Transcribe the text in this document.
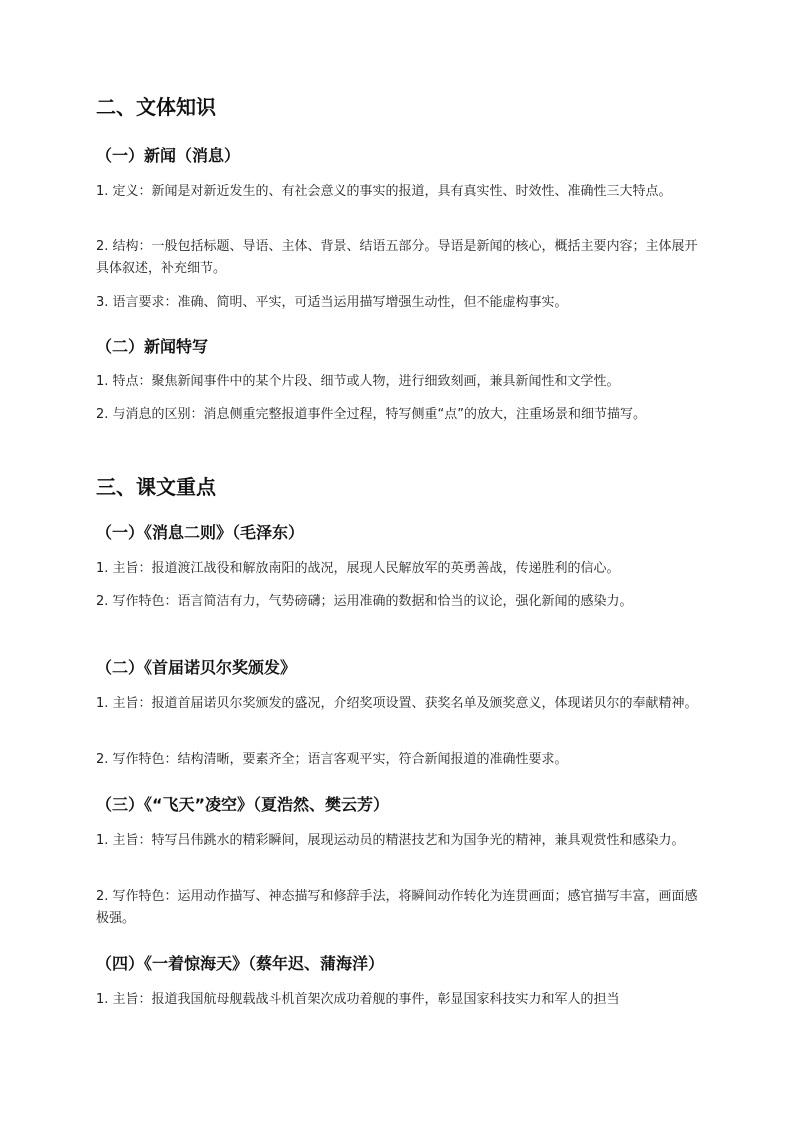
二、文体知识
（一）新闻（消息）

1. 定义：新闻是对新近发生的、有社会意义的事实的报道，具有真实性、时效性、准确性三大特点。

2. 结构：一般包括标题、导语、主体、背景、结语五部分。导语是新闻的核心，概括主要内容；主体展开具体叙述，补充细节。

3. 语言要求：准确、简明、平实，可适当运用描写增强生动性，但不能虚构事实。

（二）新闻特写

1. 特点：聚焦新闻事件中的某个片段、细节或人物，进行细致刻画，兼具新闻性和文学性。

2. 与消息的区别：消息侧重完整报道事件全过程，特写侧重“点”的放大，注重场景和细节描写。

三、课文重点
（一）《消息二则》（毛泽东）

1. 主旨：报道渡江战役和解放南阳的战况，展现人民解放军的英勇善战，传递胜利的信心。

2. 写作特色：语言简洁有力，气势磅礴；运用准确的数据和恰当的议论，强化新闻的感染力。

（二）《首届诺贝尔奖颁发》

1. 主旨：报道首届诺贝尔奖颁发的盛况，介绍奖项设置、获奖名单及颁奖意义，体现诺贝尔的奉献精神。

2. 写作特色：结构清晰，要素齐全；语言客观平实，符合新闻报道的准确性要求。

（三）《“飞天”凌空》（夏浩然、樊云芳）

1. 主旨：特写吕伟跳水的精彩瞬间，展现运动员的精湛技艺和为国争光的精神，兼具观赏性和感染力。

2. 写作特色：运用动作描写、神态描写和修辞手法，将瞬间动作转化为连贯画面；感官描写丰富，画面感极强。

（四）《一着惊海天》（蔡年迟、蒲海洋）

1. 主旨：报道我国航母舰载战斗机首架次成功着舰的事件，彰显国家科技实力和军人的担当
